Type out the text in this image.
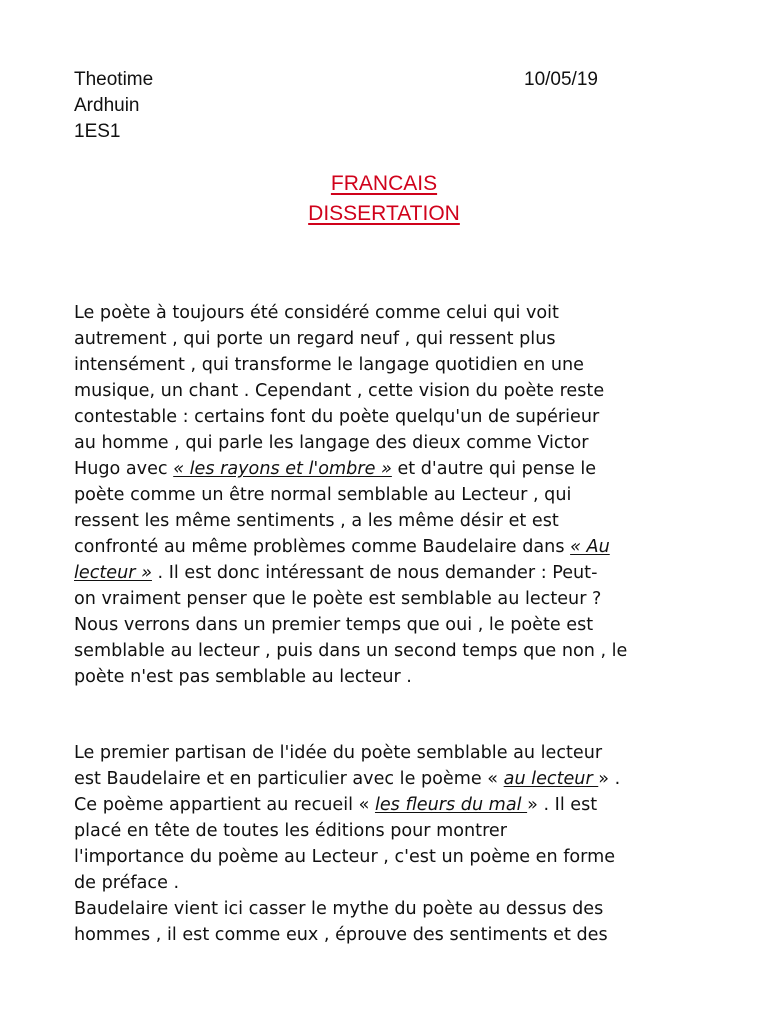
Theotime
Ardhuin
1ES1
10/05/19
FRANCAIS
DISSERTATION
Le poète à toujours été considéré comme celui qui voit
autrement , qui porte un regard neuf , qui ressent plus
intensément , qui transforme le langage quotidien en une
musique, un chant . Cependant , cette vision du poète reste
contestable : certains font du poète quelqu'un de supérieur
au homme , qui parle les langage des dieux comme Victor
Hugo avec « les rayons et l'ombre » et d'autre qui pense le
poète comme un être normal semblable au Lecteur , qui
ressent les même sentiments , a les même désir et est
confronté au même problèmes comme Baudelaire dans « Au
lecteur » . Il est donc intéressant de nous demander : Peut-
on vraiment penser que le poète est semblable au lecteur ?
Nous verrons dans un premier temps que oui , le poète est
semblable au lecteur , puis dans un second temps que non , le
poète n'est pas semblable au lecteur .
Le premier partisan de l'idée du poète semblable au lecteur
est Baudelaire et en particulier avec le poème « au lecteur » .
Ce poème appartient au recueil « les fleurs du mal » . Il est
placé en tête de toutes les éditions pour montrer
l'importance du poème au Lecteur , c'est un poème en forme
de préface .
Baudelaire vient ici casser le mythe du poète au dessus des
hommes , il est comme eux , éprouve des sentiments et des
